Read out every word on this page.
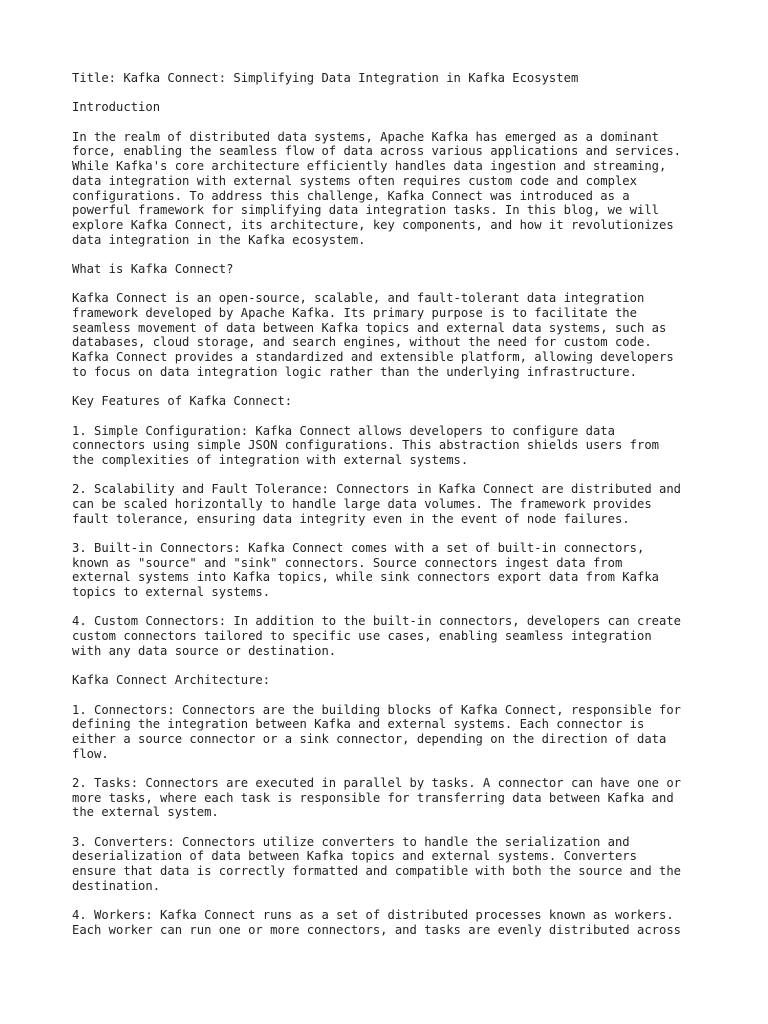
Title: Kafka Connect: Simplifying Data Integration in Kafka Ecosystem
Introduction
In the realm of distributed data systems, Apache Kafka has emerged as a dominant
force, enabling the seamless flow of data across various applications and services.
While Kafka's core architecture efficiently handles data ingestion and streaming,
data integration with external systems often requires custom code and complex
configurations. To address this challenge, Kafka Connect was introduced as a
powerful framework for simplifying data integration tasks. In this blog, we will
explore Kafka Connect, its architecture, key components, and how it revolutionizes
data integration in the Kafka ecosystem.
What is Kafka Connect?
Kafka Connect is an open-source, scalable, and fault-tolerant data integration
framework developed by Apache Kafka. Its primary purpose is to facilitate the
seamless movement of data between Kafka topics and external data systems, such as
databases, cloud storage, and search engines, without the need for custom code.
Kafka Connect provides a standardized and extensible platform, allowing developers
to focus on data integration logic rather than the underlying infrastructure.
Key Features of Kafka Connect:
1. Simple Configuration: Kafka Connect allows developers to configure data
connectors using simple JSON configurations. This abstraction shields users from
the complexities of integration with external systems.
2. Scalability and Fault Tolerance: Connectors in Kafka Connect are distributed and
can be scaled horizontally to handle large data volumes. The framework provides
fault tolerance, ensuring data integrity even in the event of node failures.
3. Built-in Connectors: Kafka Connect comes with a set of built-in connectors,
known as "source" and "sink" connectors. Source connectors ingest data from
external systems into Kafka topics, while sink connectors export data from Kafka
topics to external systems.
4. Custom Connectors: In addition to the built-in connectors, developers can create
custom connectors tailored to specific use cases, enabling seamless integration
with any data source or destination.
Kafka Connect Architecture:
1. Connectors: Connectors are the building blocks of Kafka Connect, responsible for
defining the integration between Kafka and external systems. Each connector is
either a source connector or a sink connector, depending on the direction of data
flow.
2. Tasks: Connectors are executed in parallel by tasks. A connector can have one or
more tasks, where each task is responsible for transferring data between Kafka and
the external system.
3. Converters: Connectors utilize converters to handle the serialization and
deserialization of data between Kafka topics and external systems. Converters
ensure that data is correctly formatted and compatible with both the source and the
destination.
4. Workers: Kafka Connect runs as a set of distributed processes known as workers.
Each worker can run one or more connectors, and tasks are evenly distributed across
